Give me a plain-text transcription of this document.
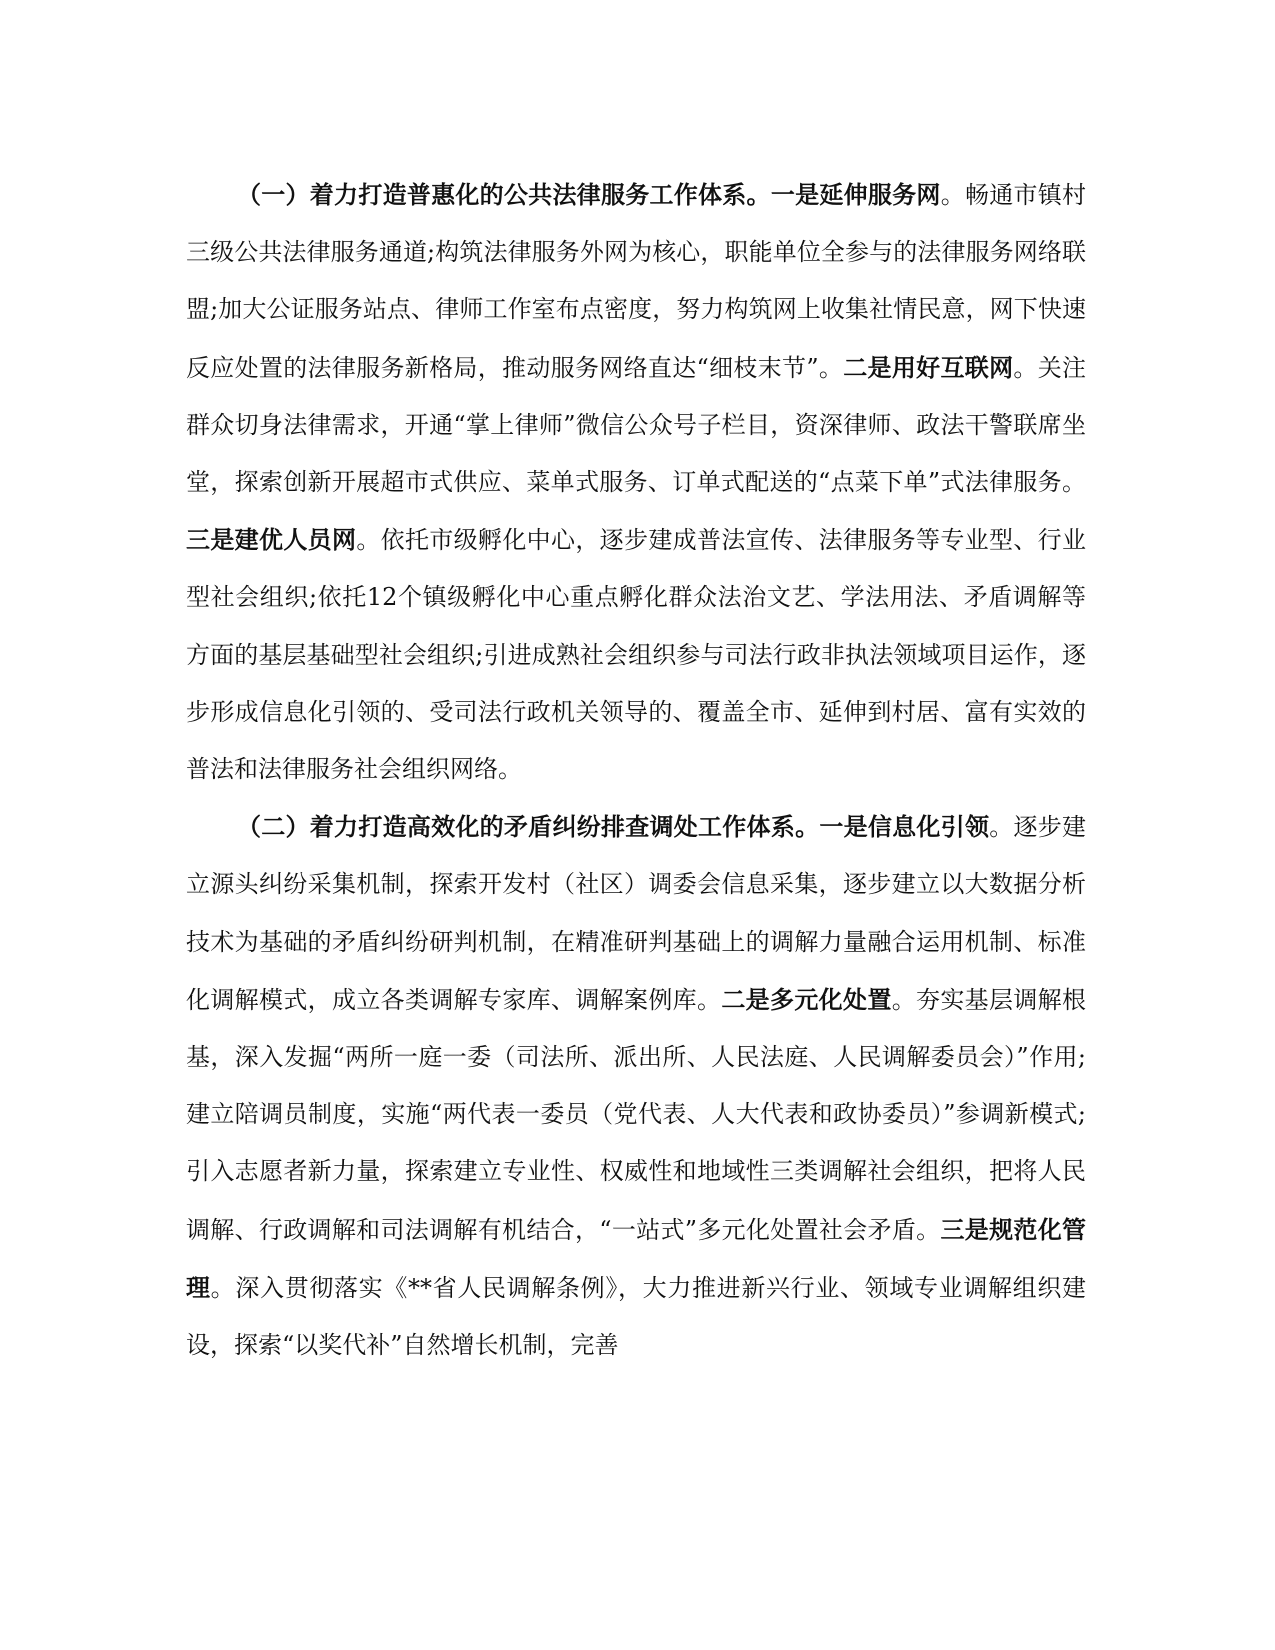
（一）着力打造普惠化的公共法律服务工作体系。一是延伸服务网。畅通市镇村三级公共法律服务通道;构筑法律服务外网为核心，职能单位全参与的法律服务网络联盟;加大公证服务站点、律师工作室布点密度，努力构筑网上收集社情民意，网下快速反应处置的法律服务新格局，推动服务网络直达“细枝末节”。二是用好互联网。关注群众切身法律需求，开通“掌上律师”微信公众号子栏目，资深律师、政法干警联席坐堂，探索创新开展超市式供应、菜单式服务、订单式配送的“点菜下单”式法律服务。三是建优人员网。依托市级孵化中心，逐步建成普法宣传、法律服务等专业型、行业型社会组织;依托12个镇级孵化中心重点孵化群众法治文艺、学法用法、矛盾调解等方面的基层基础型社会组织;引进成熟社会组织参与司法行政非执法领域项目运作，逐步形成信息化引领的、受司法行政机关领导的、覆盖全市、延伸到村居、富有实效的普法和法律服务社会组织网络。

（二）着力打造高效化的矛盾纠纷排查调处工作体系。一是信息化引领。逐步建立源头纠纷采集机制，探索开发村（社区）调委会信息采集，逐步建立以大数据分析技术为基础的矛盾纠纷研判机制，在精准研判基础上的调解力量融合运用机制、标准化调解模式，成立各类调解专家库、调解案例库。二是多元化处置。夯实基层调解根基，深入发掘“两所一庭一委（司法所、派出所、人民法庭、人民调解委员会）”作用;建立陪调员制度，实施“两代表一委员（党代表、人大代表和政协委员）”参调新模式;引入志愿者新力量，探索建立专业性、权威性和地域性三类调解社会组织，把将人民调解、行政调解和司法调解有机结合，“一站式”多元化处置社会矛盾。三是规范化管理。深入贯彻落实《**省人民调解条例》，大力推进新兴行业、领域专业调解组织建设，探索“以奖代补”自然增长机制，完善
